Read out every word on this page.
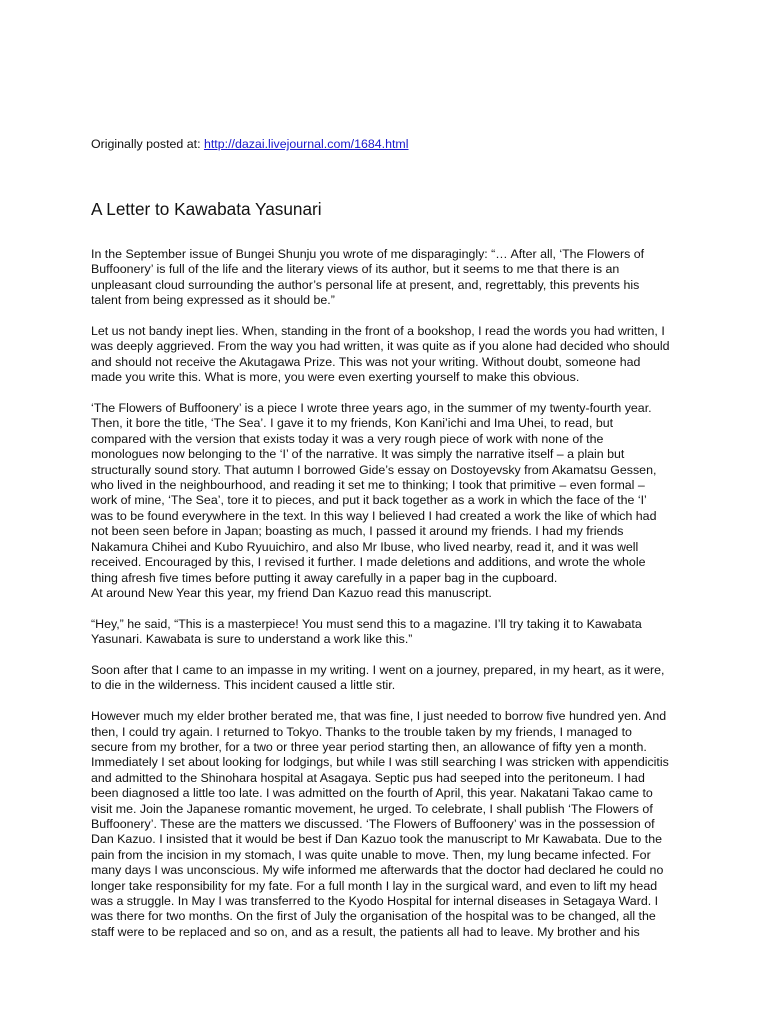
Originally posted at: http://dazai.livejournal.com/1684.html
A Letter to Kawabata Yasunari

In the September issue of Bungei Shunju you wrote of me disparagingly: “… After all, ‘The Flowers of
Buffoonery’ is full of the life and the literary views of its author, but it seems to me that there is an
unpleasant cloud surrounding the author’s personal life at present, and, regrettably, this prevents his
talent from being expressed as it should be.”

Let us not bandy inept lies. When, standing in the front of a bookshop, I read the words you had written, I
was deeply aggrieved. From the way you had written, it was quite as if you alone had decided who should
and should not receive the Akutagawa Prize. This was not your writing. Without doubt, someone had
made you write this. What is more, you were even exerting yourself to make this obvious.

‘The Flowers of Buffoonery’ is a piece I wrote three years ago, in the summer of my twenty-fourth year.
Then, it bore the title, ‘The Sea’. I gave it to my friends, Kon Kani’ichi and Ima Uhei, to read, but
compared with the version that exists today it was a very rough piece of work with none of the
monologues now belonging to the ‘I’ of the narrative. It was simply the narrative itself – a plain but
structurally sound story. That autumn I borrowed Gide’s essay on Dostoyevsky from Akamatsu Gessen,
who lived in the neighbourhood, and reading it set me to thinking; I took that primitive – even formal –
work of mine, ‘The Sea’, tore it to pieces, and put it back together as a work in which the face of the ‘I’
was to be found everywhere in the text. In this way I believed I had created a work the like of which had
not been seen before in Japan; boasting as much, I passed it around my friends. I had my friends
Nakamura Chihei and Kubo Ryuuichiro, and also Mr Ibuse, who lived nearby, read it, and it was well
received. Encouraged by this, I revised it further. I made deletions and additions, and wrote the whole
thing afresh five times before putting it away carefully in a paper bag in the cupboard.
At around New Year this year, my friend Dan Kazuo read this manuscript.

“Hey,” he said, “This is a masterpiece! You must send this to a magazine. I’ll try taking it to Kawabata
Yasunari. Kawabata is sure to understand a work like this.”

Soon after that I came to an impasse in my writing. I went on a journey, prepared, in my heart, as it were,
to die in the wilderness. This incident caused a little stir.

However much my elder brother berated me, that was fine, I just needed to borrow five hundred yen. And
then, I could try again. I returned to Tokyo. Thanks to the trouble taken by my friends, I managed to
secure from my brother, for a two or three year period starting then, an allowance of fifty yen a month.
Immediately I set about looking for lodgings, but while I was still searching I was stricken with appendicitis
and admitted to the Shinohara hospital at Asagaya. Septic pus had seeped into the peritoneum. I had
been diagnosed a little too late. I was admitted on the fourth of April, this year. Nakatani Takao came to
visit me. Join the Japanese romantic movement, he urged. To celebrate, I shall publish ‘The Flowers of
Buffoonery’. These are the matters we discussed. ‘The Flowers of Buffoonery’ was in the possession of
Dan Kazuo. I insisted that it would be best if Dan Kazuo took the manuscript to Mr Kawabata. Due to the
pain from the incision in my stomach, I was quite unable to move. Then, my lung became infected. For
many days I was unconscious. My wife informed me afterwards that the doctor had declared he could no
longer take responsibility for my fate. For a full month I lay in the surgical ward, and even to lift my head
was a struggle. In May I was transferred to the Kyodo Hospital for internal diseases in Setagaya Ward. I
was there for two months. On the first of July the organisation of the hospital was to be changed, all the
staff were to be replaced and so on, and as a result, the patients all had to leave. My brother and his
